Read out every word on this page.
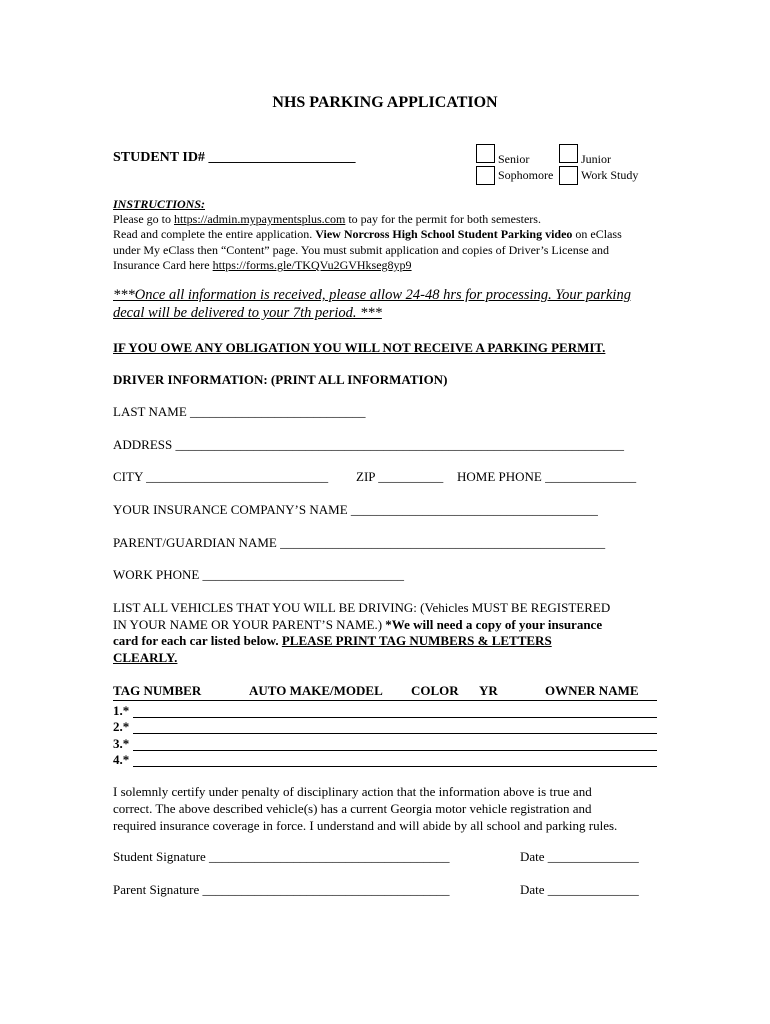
NHS PARKING APPLICATION
STUDENT ID# _____________________	Senior
Sophomore
Junior
Work Study
INSTRUCTIONS:
Please go to https://admin.mypaymentsplus.com to pay for the permit for both semesters.
Read and complete the entire application. View Norcross High School Student Parking video on eClass
under My eClass then “Content” page. You must submit application and copies of Driver’s License and
Insurance Card here https://forms.gle/TKQVu2GVHkseg8yp9
***Once all information is received, please allow 24-48 hrs for processing. Your parking
decal will be delivered to your 7th period. ***
IF YOU OWE ANY OBLIGATION YOU WILL NOT RECEIVE A PARKING PERMIT.
DRIVER INFORMATION: (PRINT ALL INFORMATION)
LAST NAME ___________________________
ADDRESS _____________________________________________________________________
CITY ____________________________ ZIP __________ HOME PHONE ______________
YOUR INSURANCE COMPANY’S NAME ______________________________________
PARENT/GUARDIAN NAME __________________________________________________
WORK PHONE _______________________________
LIST ALL VEHICLES THAT YOU WILL BE DRIVING: (Vehicles MUST BE REGISTERED
IN YOUR NAME OR YOUR PARENT’S NAME.) *We will need a copy of your insurance
card for each car listed below. PLEASE PRINT TAG NUMBERS & LETTERS
CLEARLY.
TAG NUMBER	AUTO MAKE/MODEL COLOR YR	OWNER NAME
1.*
2.*
3.*
4.*
I solemnly certify under penalty of disciplinary action that the information above is true and
correct. The above described vehicle(s) has a current Georgia motor vehicle registration and
required insurance coverage in force. I understand and will abide by all school and parking rules.
Student Signature _____________________________________	Date ______________
Parent Signature ______________________________________	Date ______________
